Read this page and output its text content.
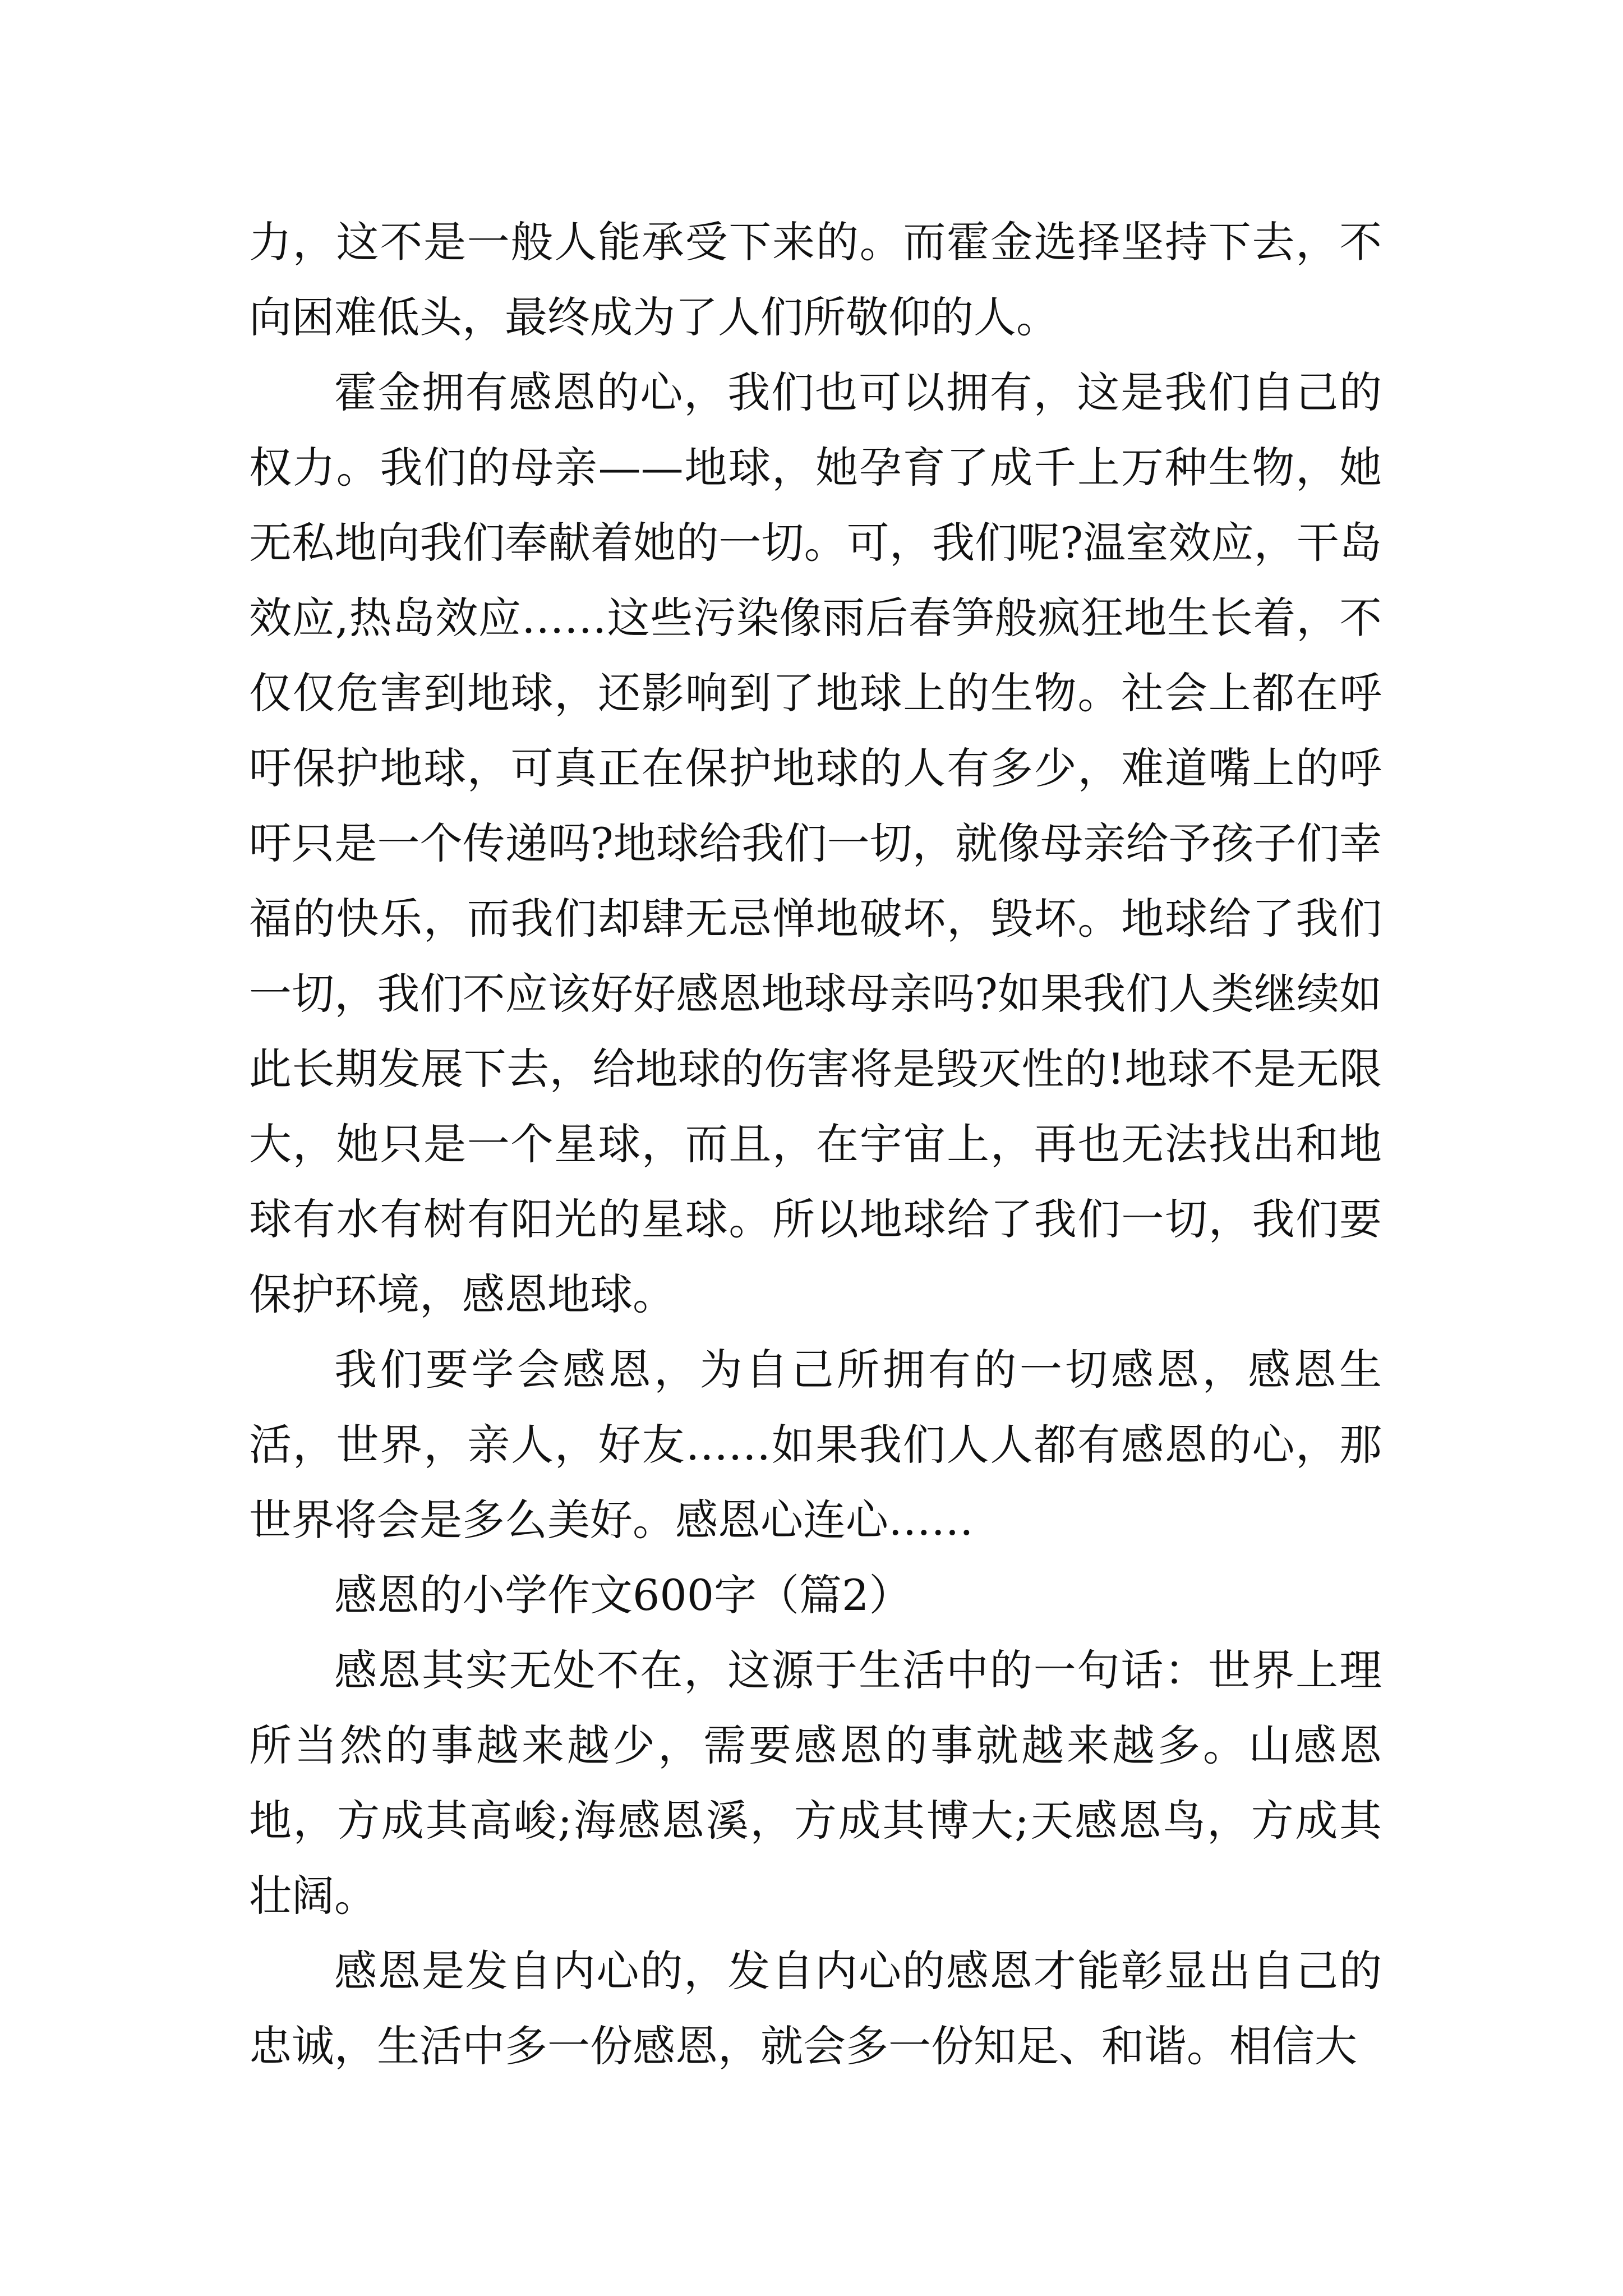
力，这不是一般人能承受下来的。而霍金选择坚持下去，不向困难低头，最终成为了人们所敬仰的人。

霍金拥有感恩的心，我们也可以拥有，这是我们自己的权力。我们的母亲——地球，她孕育了成千上万种生物，她无私地向我们奉献着她的一切。可，我们呢?温室效应，干岛效应,热岛效应……这些污染像雨后春笋般疯狂地生长着，不仅仅危害到地球，还影响到了地球上的生物。社会上都在呼吁保护地球，可真正在保护地球的人有多少，难道嘴上的呼吁只是一个传递吗?地球给我们一切，就像母亲给予孩子们幸福的快乐，而我们却肆无忌惮地破坏，毁坏。地球给了我们一切，我们不应该好好感恩地球母亲吗?如果我们人类继续如此长期发展下去，给地球的伤害将是毁灭性的!地球不是无限大，她只是一个星球，而且，在宇宙上，再也无法找出和地球有水有树有阳光的星球。所以地球给了我们一切，我们要保护环境，感恩地球。

我们要学会感恩，为自己所拥有的一切感恩，感恩生活，世界，亲人，好友……如果我们人人都有感恩的心，那世界将会是多么美好。感恩心连心……

感恩的小学作文600字（篇2）

感恩其实无处不在，这源于生活中的一句话：世界上理所当然的事越来越少，需要感恩的事就越来越多。山感恩地，方成其高峻;海感恩溪，方成其博大;天感恩鸟，方成其壮阔。

感恩是发自内心的，发自内心的感恩才能彰显出自己的忠诚，生活中多一份感恩，就会多一份知足、和谐。相信大
